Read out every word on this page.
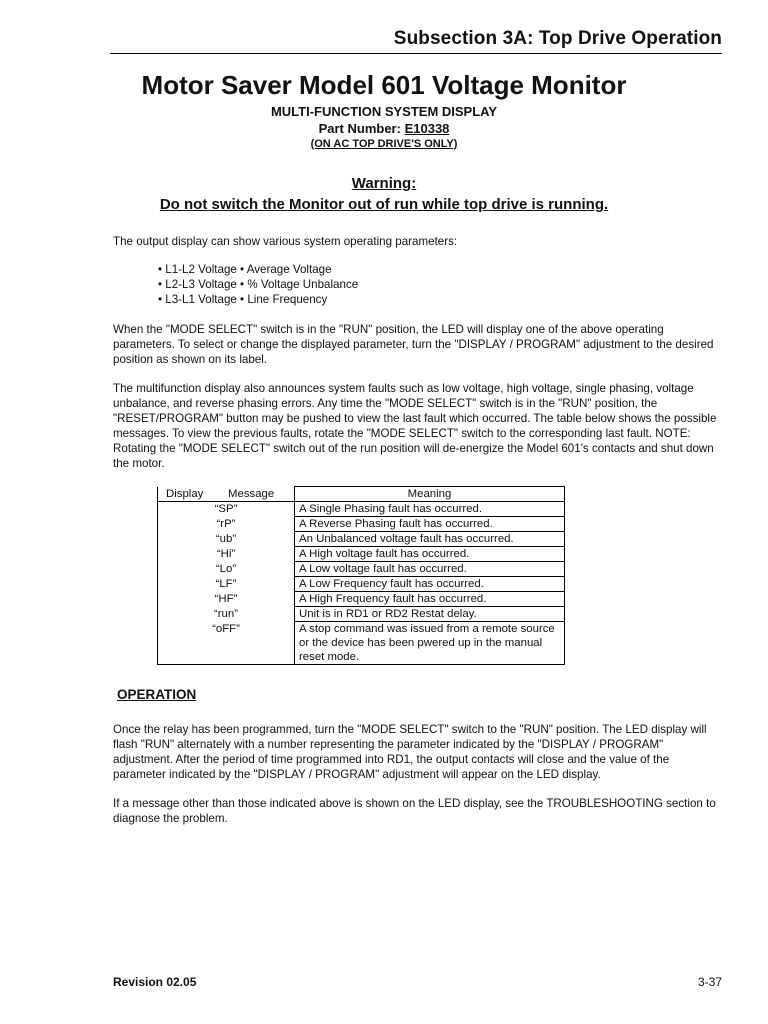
Subsection 3A: Top Drive Operation
Motor Saver Model 601 Voltage Monitor
MULTI-FUNCTION SYSTEM DISPLAY
Part Number: E10338
(ON AC TOP DRIVE'S ONLY)
Warning:
Do not switch the Monitor out of run while top drive is running.

The output display can show various system operating parameters:

• L1-L2 Voltage • Average Voltage
• L2-L3 Voltage • % Voltage Unbalance
• L3-L1 Voltage • Line Frequency

When the "MODE SELECT" switch is in the "RUN" position, the LED will display one of the above operating parameters. To select or change the displayed parameter, turn the "DISPLAY / PROGRAM" adjustment to the desired position as shown on its label.

The multifunction display also announces system faults such as low voltage, high voltage, single phasing, voltage unbalance, and reverse phasing errors. Any time the "MODE SELECT" switch is in the "RUN" position, the "RESET/PROGRAM" button may be pushed to view the last fault which occurred. The table below shows the possible messages. To view the previous faults, rotate the "MODE SELECT" switch to the corresponding last fault. NOTE: Rotating the "MODE SELECT" switch out of the run position will de-energize the Model 601's contacts and shut down the motor.

Display Message	Meaning
“SP”	A Single Phasing fault has occurred.
“rP”	A Reverse Phasing fault has occurred.
“ub”	An Unbalanced voltage fault has occurred.
“Hi”	A High voltage fault has occurred.
“Lo”	A Low voltage fault has occurred.
“LF”	A Low Frequency fault has occurred.
“HF”	A High Frequency fault has occurred.
“run”	Unit is in RD1 or RD2 Restat delay.
“oFF”	A stop command was issued from a remote source or the device has been pwered up in the manual reset mode.
OPERATION

Once the relay has been programmed, turn the "MODE SELECT" switch to the "RUN" position. The LED display will flash "RUN" alternately with a number representing the parameter indicated by the "DISPLAY / PROGRAM" adjustment. After the period of time programmed into RD1, the output contacts will close and the value of the parameter indicated by the "DISPLAY / PROGRAM" adjustment will appear on the LED display.

If a message other than those indicated above is shown on the LED display, see the TROUBLESHOOTING section to diagnose the problem.

Revision 02.05	3-37
